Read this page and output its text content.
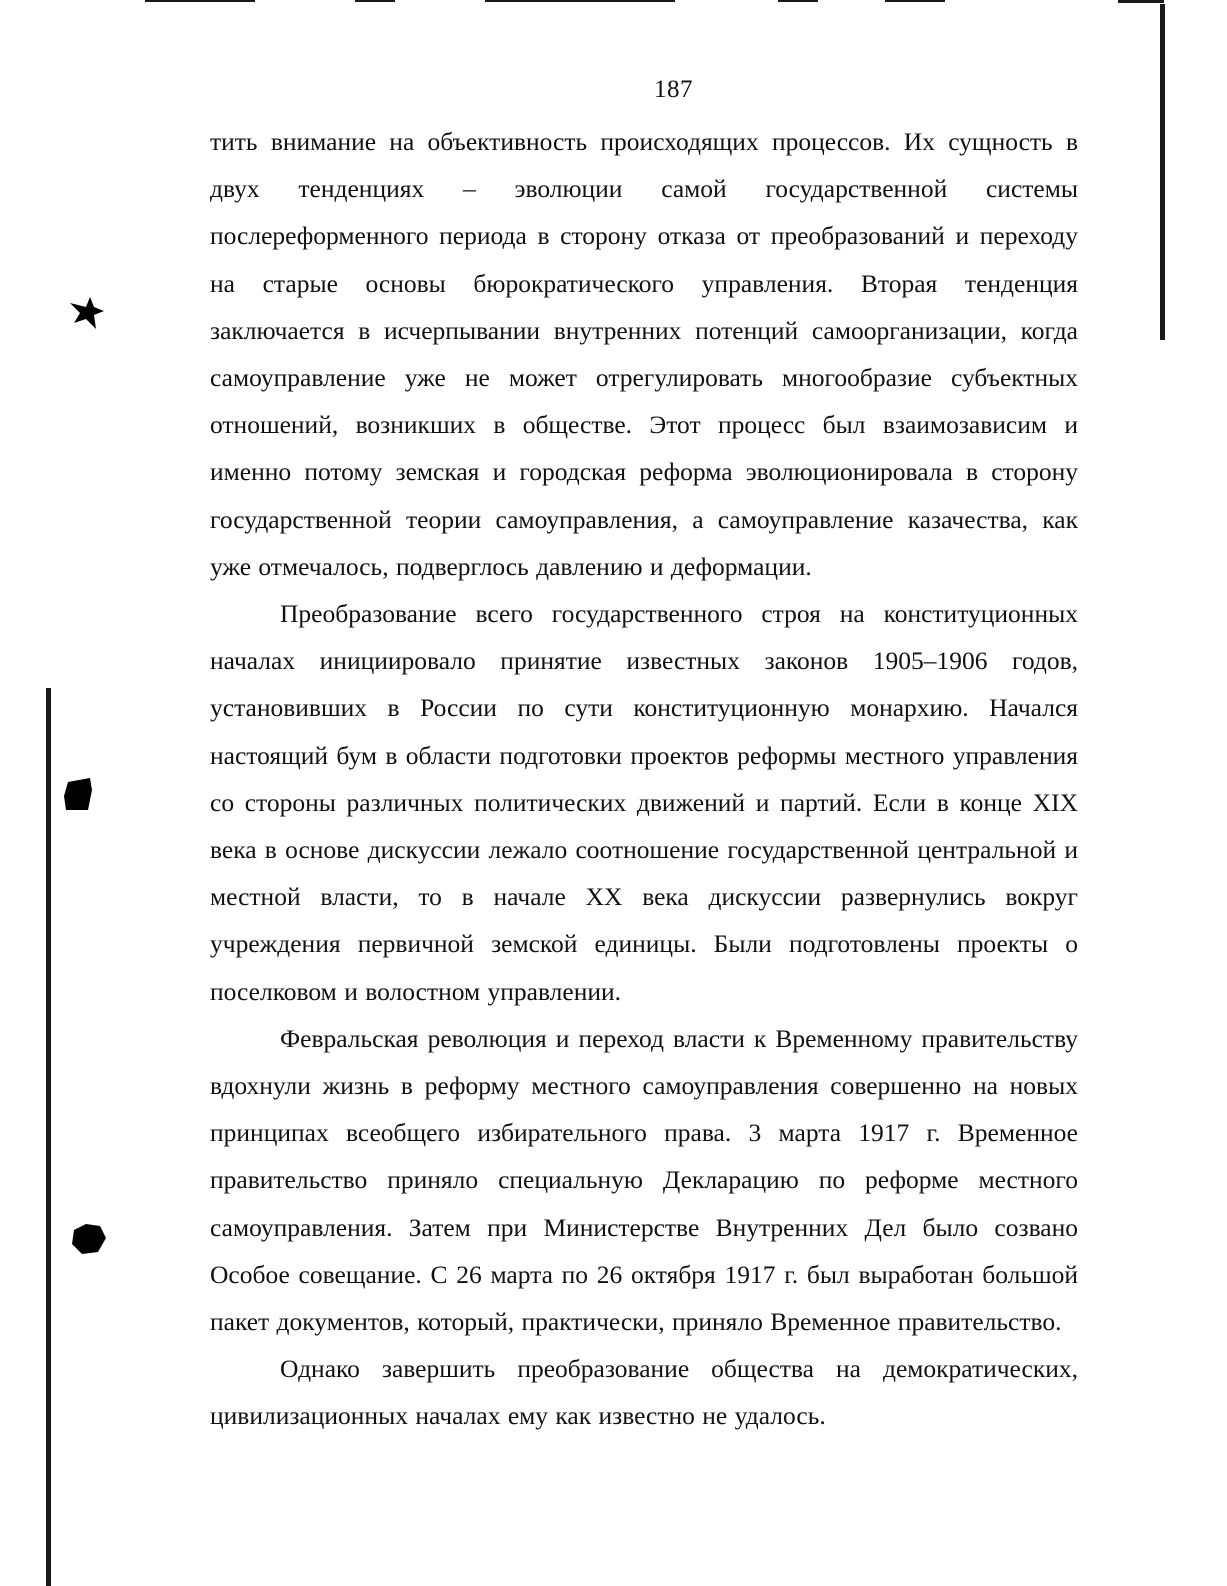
187

тить внимание на объективность происходящих процессов. Их сущность в двух тенденциях – эволюции самой государственной системы послереформенного периода в сторону отказа от преобразований и переходу на старые основы бюрократического управления. Вторая тенденция заключается в исчерпывании внутренних потенций самоорганизации, когда самоуправление уже не может отрегулировать многообразие субъектных отношений, возникших в обществе. Этот процесс был взаимозависим и именно потому земская и городская реформа эволюционировала в сторону государственной теории самоуправления, а самоуправление казачества, как уже отмечалось, подверглось давлению и деформации.

Преобразование всего государственного строя на конституционных началах инициировало принятие известных законов 1905–1906 годов, установивших в России по сути конституционную монархию. Начался настоящий бум в области подготовки проектов реформы местного управления со стороны различных политических движений и партий. Если в конце XIX века в основе дискуссии лежало соотношение государственной центральной и местной власти, то в начале XX века дискуссии развернулись вокруг учреждения первичной земской единицы. Были подготовлены проекты о поселковом и волостном управлении.

Февральская революция и переход власти к Временному правительству вдохнули жизнь в реформу местного самоуправления совершенно на новых принципах всеобщего избирательного права. 3 марта 1917 г. Временное правительство приняло специальную Декларацию по реформе местного самоуправления. Затем при Министерстве Внутренних Дел было созвано Особое совещание. С 26 марта по 26 октября 1917 г. был выработан большой пакет документов, который, практически, приняло Временное правительство.

Однако завершить преобразование общества на демократических, цивилизационных началах ему как известно не удалось.
